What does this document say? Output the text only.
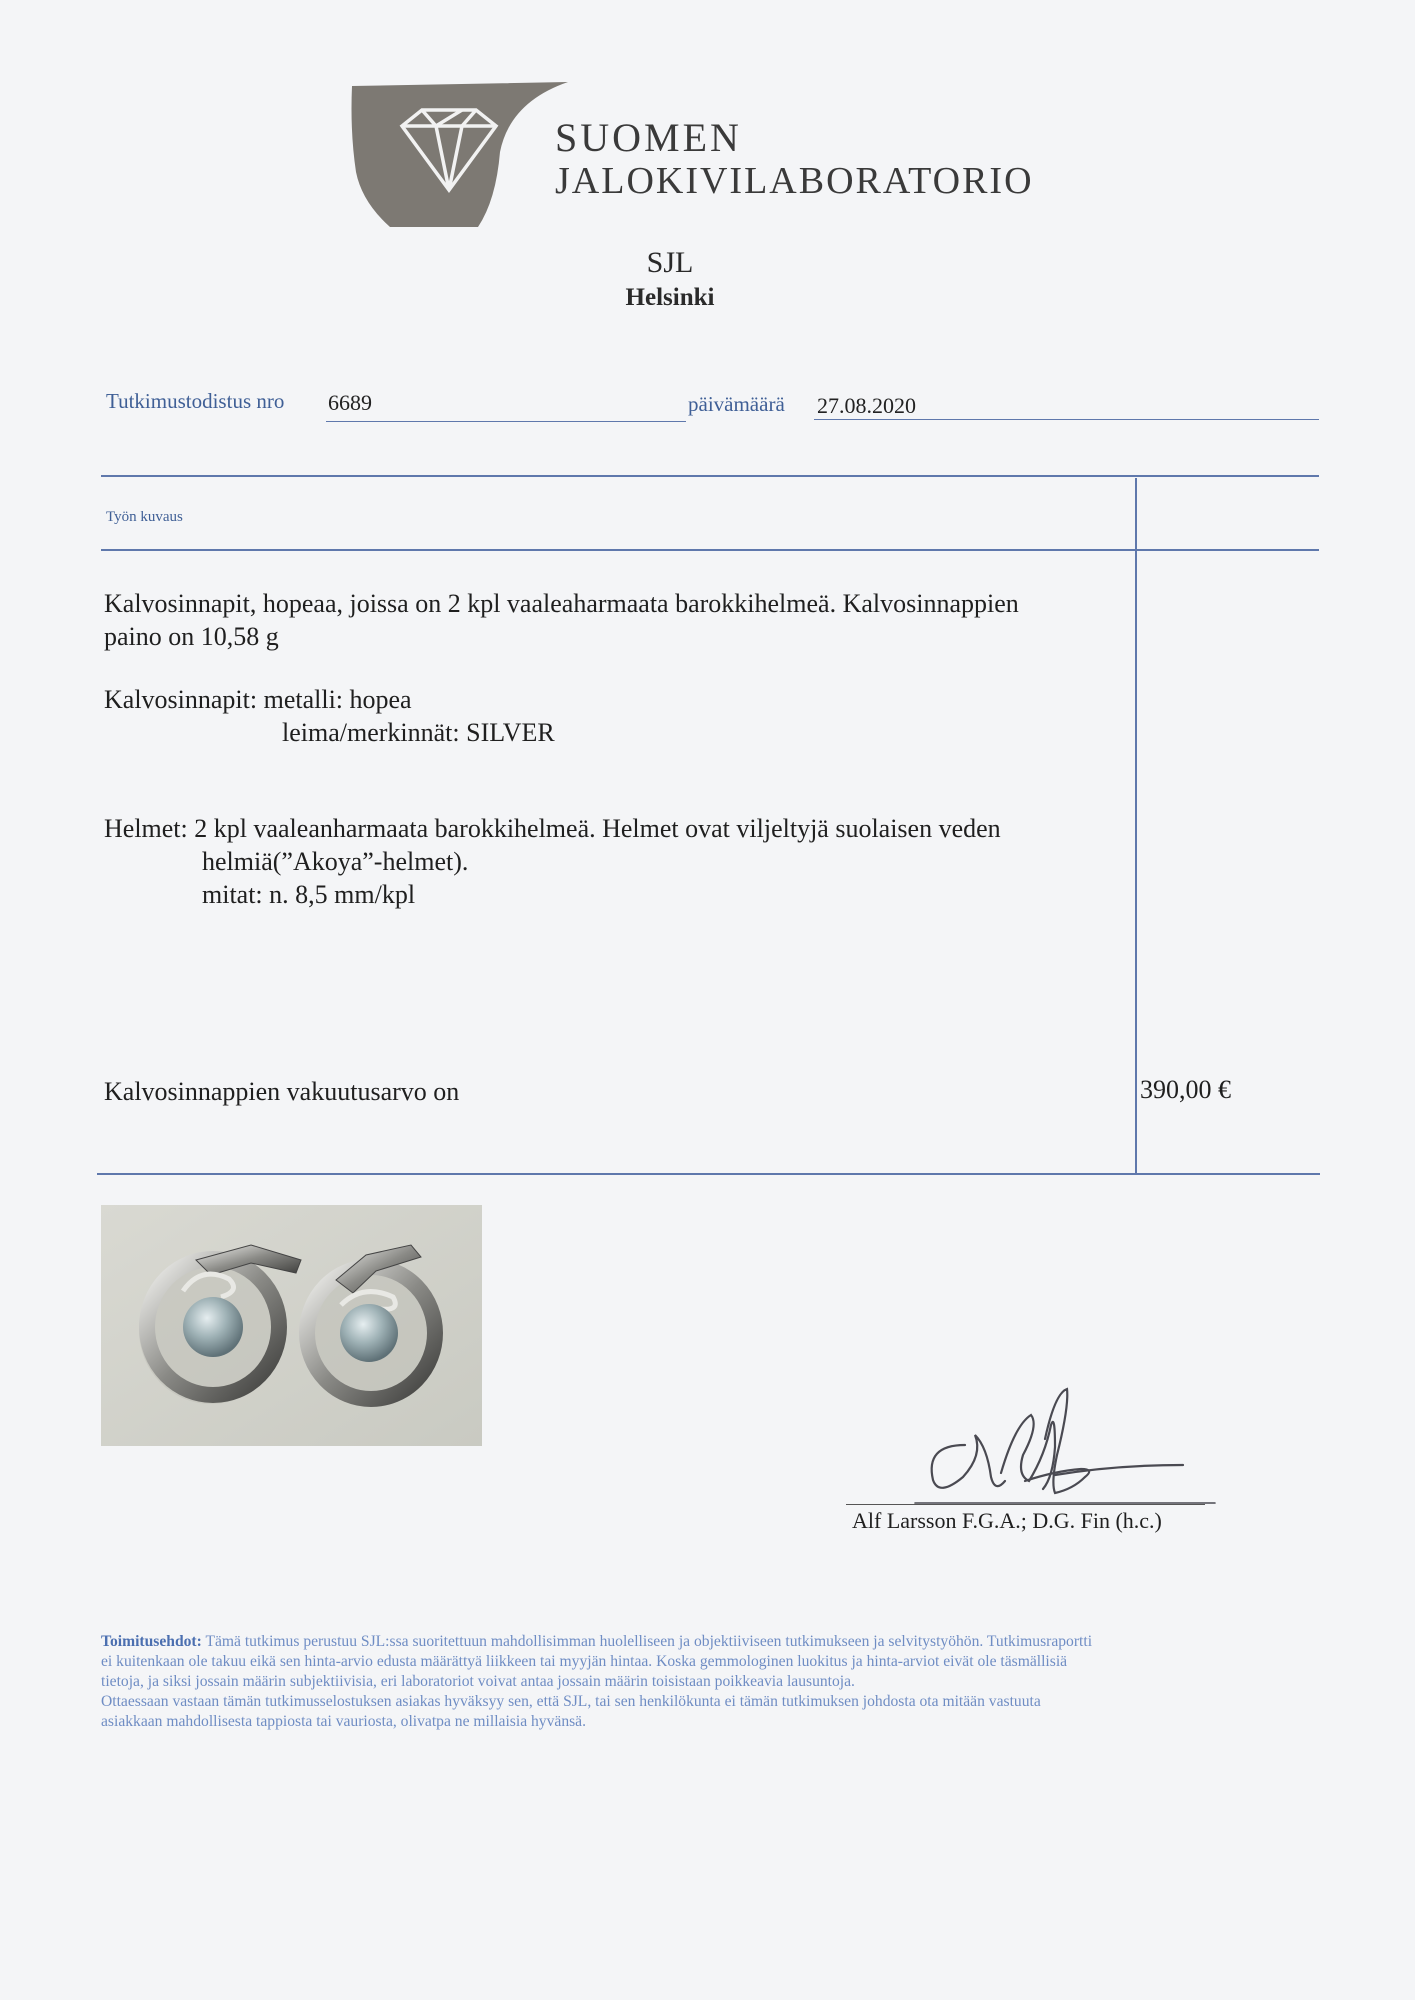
SUOMEN
JALOKIVILABORATORIO
SJL
Helsinki
Tutkimustodistus nro 6689	päivämäärä 27.08.2020
Työn kuvaus
Kalvosinnapit, hopeaa, joissa on 2 kpl vaaleaharmaata barokkihelmeä. Kalvosinnappien
paino on 10,58 g
Kalvosinnapit: metalli: hopea
leima/merkinnät: SILVER
Helmet: 2 kpl vaaleanharmaata barokkihelmeä. Helmet ovat viljeltyjä suolaisen veden
helmiä(”Akoya”-helmet).
mitat: n. 8,5 mm/kpl
Kalvosinnappien vakuutusarvo on	390,00 €
Alf Larsson F.G.A.; D.G. Fin (h.c.)
Toimitusehdot: Tämä tutkimus perustuu SJL:ssa suoritettuun mahdollisimman huolelliseen ja objektiiviseen tutkimukseen ja selvitystyöhön. Tutkimusraportti
ei kuitenkaan ole takuu eikä sen hinta-arvio edusta määrättyä liikkeen tai myyjän hintaa. Koska gemmologinen luokitus ja hinta-arviot eivät ole täsmällisiä
tietoja, ja siksi jossain määrin subjektiivisia, eri laboratoriot voivat antaa jossain määrin toisistaan poikkeavia lausuntoja.
Ottaessaan vastaan tämän tutkimusselostuksen asiakas hyväksyy sen, että SJL, tai sen henkilökunta ei tämän tutkimuksen johdosta ota mitään vastuuta
asiakkaan mahdollisesta tappiosta tai vauriosta, olivatpa ne millaisia hyvänsä.
